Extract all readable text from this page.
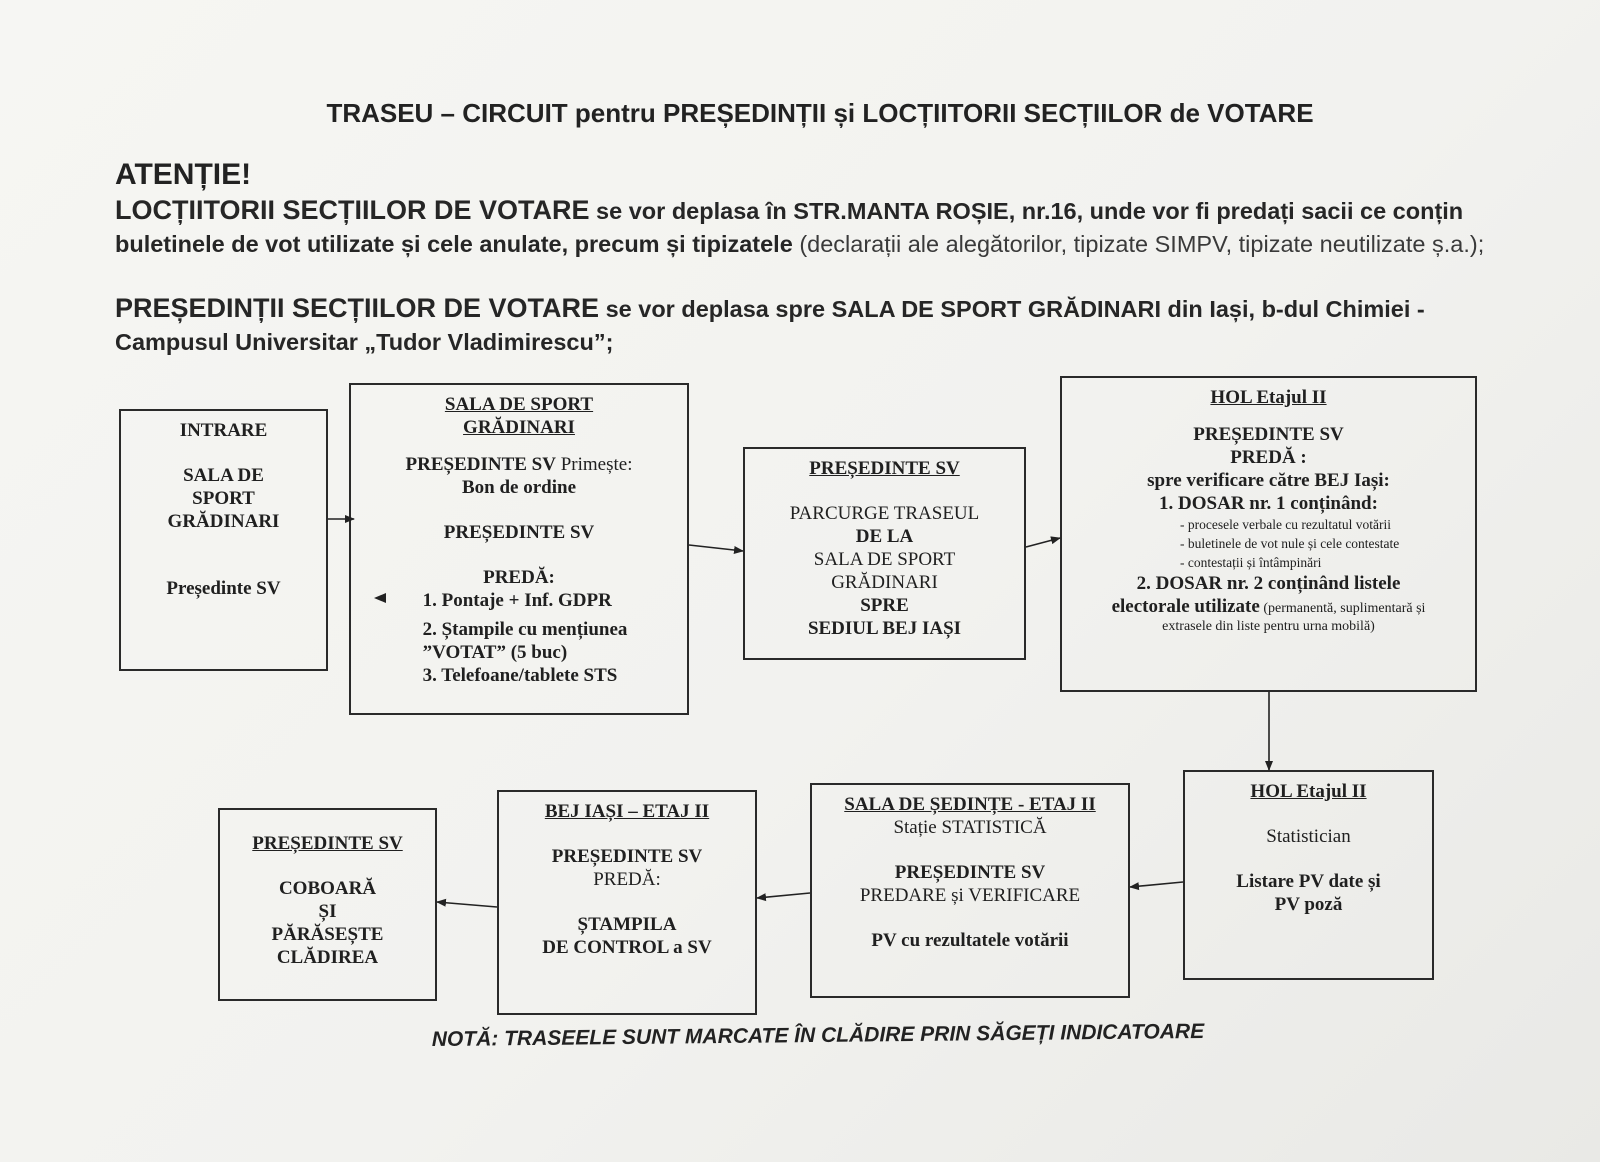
TRASEU – CIRCUIT pentru PREȘEDINȚII și LOCȚIITORII SECȚIILOR de VOTARE
ATENȚIE!
LOCȚIITORII SECȚIILOR DE VOTARE se vor deplasa în STR.MANTA ROȘIE, nr.16, unde vor fi predați sacii ce conțin buletinele de vot utilizate și cele anulate, precum și tipizatele (declarații ale alegătorilor, tipizate SIMPV, tipizate neutilizate ș.a.);
PREȘEDINȚII SECȚIILOR DE VOTARE se vor deplasa spre SALA DE SPORT GRĂDINARI din Iași, b-dul Chimiei - Campusul Universitar „Tudor Vladimirescu”;
INTRARE
SALA DE
SPORT
GRĂDINARI
Președinte SV
SALA DE SPORT
GRĂDINARI
PREȘEDINTE SV Primește:
Bon de ordine
PREȘEDINTE SV
PREDĂ:
1. Pontaje + Inf. GDPR
2. Ștampile cu mențiunea
”VOTAT” (5 buc)
3. Telefoane/tablete STS
PREȘEDINTE SV
PARCURGE TRASEUL
DE LA
SALA DE SPORT
GRĂDINARI
SPRE
SEDIUL BEJ IAȘI
HOL Etajul II
PREȘEDINTE SV
PREDĂ :
spre verificare către BEJ Iași:
1. DOSAR nr. 1 conținând:
- procesele verbale cu rezultatul votării
- buletinele de vot nule și cele contestate
- contestații și întâmpinări
2. DOSAR nr. 2 conținând listele
electorale utilizate (permanentă, suplimentară și
extrasele din liste pentru urna mobilă)
HOL Etajul II
Statistician
Listare PV date și
PV poză
SALA DE ȘEDINȚE - ETAJ II
Stație STATISTICĂ
PREȘEDINTE SV
PREDARE și VERIFICARE
PV cu rezultatele votării
BEJ IAȘI – ETAJ II
PREȘEDINTE SV
PREDĂ:
ȘTAMPILA
DE CONTROL a SV
PREȘEDINTE SV
COBOARĂ
ȘI
PĂRĂSEȘTE
CLĂDIREA
NOTĂ: TRASEELE SUNT MARCATE ÎN CLĂDIRE PRIN SĂGEȚI INDICATOARE
